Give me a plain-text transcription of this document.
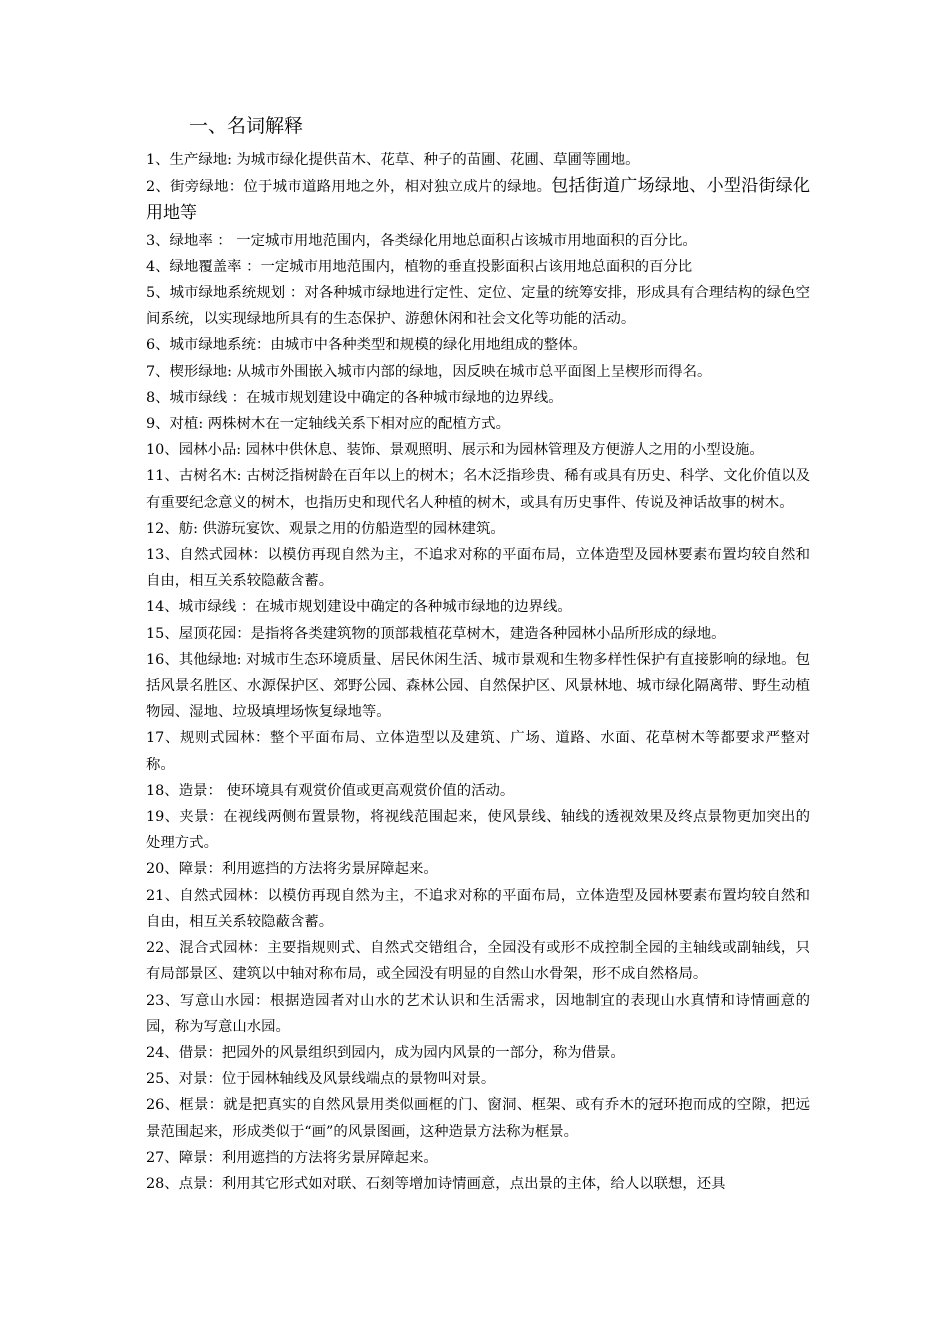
一、名词解释

1、生产绿地: 为城市绿化提供苗木、花草、种子的苗圃、花圃、草圃等圃地。

2、街旁绿地：位于城市道路用地之外，相对独立成片的绿地。包括街道广场绿地、小型沿街绿化用地等

3、绿地率 ： 一定城市用地范围内，各类绿化用地总面积占该城市用地面积的百分比。

4、绿地覆盖率 ：一定城市用地范围内，植物的垂直投影面积占该用地总面积的百分比

5、城市绿地系统规划 ：对各种城市绿地进行定性、定位、定量的统筹安排，形成具有合理结构的绿色空间系统，以实现绿地所具有的生态保护、游憩休闲和社会文化等功能的活动。

6、城市绿地系统：由城市中各种类型和规模的绿化用地组成的整体。

7、楔形绿地: 从城市外围嵌入城市内部的绿地，因反映在城市总平面图上呈楔形而得名。

8、城市绿线 ：在城市规划建设中确定的各种城市绿地的边界线。

9、对植: 两株树木在一定轴线关系下相对应的配植方式。

10、园林小品: 园林中供休息、装饰、景观照明、展示和为园林管理及方便游人之用的小型设施。

11、古树名木: 古树泛指树龄在百年以上的树木；名木泛指珍贵、稀有或具有历史、科学、文化价值以及有重要纪念意义的树木，也指历史和现代名人种植的树木，或具有历史事件、传说及神话故事的树木。

12、舫: 供游玩宴饮、观景之用的仿船造型的园林建筑。

13、自然式园林：以模仿再现自然为主，不追求对称的平面布局，立体造型及园林要素布置均较自然和自由，相互关系较隐蔽含蓄。

14、城市绿线 ：在城市规划建设中确定的各种城市绿地的边界线。

15、屋顶花园：是指将各类建筑物的顶部栽植花草树木，建造各种园林小品所形成的绿地。

16、其他绿地: 对城市生态环境质量、居民休闲生活、城市景观和生物多样性保护有直接影响的绿地。包括风景名胜区、水源保护区、郊野公园、森林公园、自然保护区、风景林地、城市绿化隔离带、野生动植物园、湿地、垃圾填埋场恢复绿地等。

17、规则式园林：整个平面布局、立体造型以及建筑、广场、道路、水面、花草树木等都要求严整对称。

18、造景： 使环境具有观赏价值或更高观赏价值的活动。

19、夹景：在视线两侧布置景物，将视线范围起来，使风景线、轴线的透视效果及终点景物更加突出的处理方式。

20、障景：利用遮挡的方法将劣景屏障起来。

21、自然式园林：以模仿再现自然为主，不追求对称的平面布局，立体造型及园林要素布置均较自然和自由，相互关系较隐蔽含蓄。

22、混合式园林：主要指规则式、自然式交错组合，全园没有或形不成控制全园的主轴线或副轴线，只有局部景区、建筑以中轴对称布局，或全园没有明显的自然山水骨架，形不成自然格局。

23、写意山水园：根据造园者对山水的艺术认识和生活需求，因地制宜的表现山水真情和诗情画意的园，称为写意山水园。

24、借景：把园外的风景组织到园内，成为园内风景的一部分，称为借景。

25、对景：位于园林轴线及风景线端点的景物叫对景。

26、框景：就是把真实的自然风景用类似画框的门、窗洞、框架、或有乔木的冠环抱而成的空隙，把远景范围起来，形成类似于“画”的风景图画，这种造景方法称为框景。

27、障景：利用遮挡的方法将劣景屏障起来。

28、点景：利用其它形式如对联、石刻等增加诗情画意，点出景的主体，给人以联想，还具
